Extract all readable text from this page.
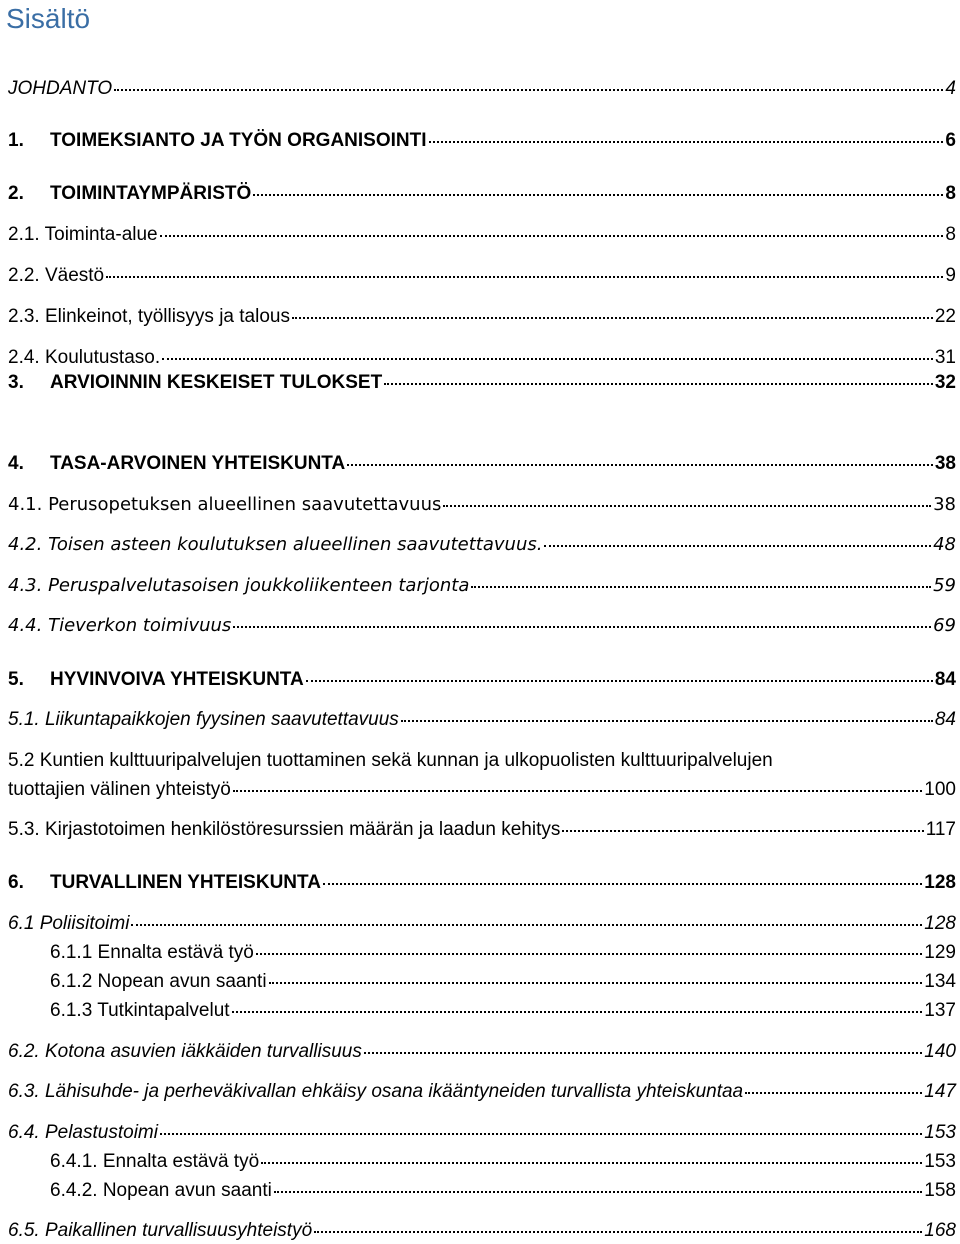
Sisältö
JOHDANTO	4
1.	TOIMEKSIANTO JA TYÖN ORGANISOINTI	6
2.	TOIMINTAYMPÄRISTÖ	8
2.1. Toiminta-alue	8
2.2. Väestö	9
2.3. Elinkeinot, työllisyys ja talous	22
2.4. Koulutustaso.	31
3.	ARVIOINNIN KESKEISET TULOKSET	32
4.	TASA-ARVOINEN YHTEISKUNTA	38
4.1. Perusopetuksen alueellinen saavutettavuus	38
4.2. Toisen asteen koulutuksen alueellinen saavutettavuus.	48
4.3. Peruspalvelutasoisen joukkoliikenteen tarjonta	59
4.4. Tieverkon toimivuus	69
5.	HYVINVOIVA YHTEISKUNTA	84
5.1. Liikuntapaikkojen fyysinen saavutettavuus	84
5.2 Kuntien kulttuuripalvelujen tuottaminen sekä kunnan ja ulkopuolisten kulttuuripalvelujen
tuottajien välinen yhteistyö	100
5.3. Kirjastotoimen henkilöstöresurssien määrän ja laadun kehitys	117
6.	TURVALLINEN YHTEISKUNTA	128
6.1 Poliisitoimi	128
6.1.1 Ennalta estävä työ	129
6.1.2 Nopean avun saanti	134
6.1.3 Tutkintapalvelut	137
6.2. Kotona asuvien iäkkäiden turvallisuus	140
6.3. Lähisuhde- ja perheväkivallan ehkäisy osana ikääntyneiden turvallista yhteiskuntaa	147
6.4. Pelastustoimi	153
6.4.1. Ennalta estävä työ	153
6.4.2. Nopean avun saanti	158
6.5. Paikallinen turvallisuusyhteistyö	168
